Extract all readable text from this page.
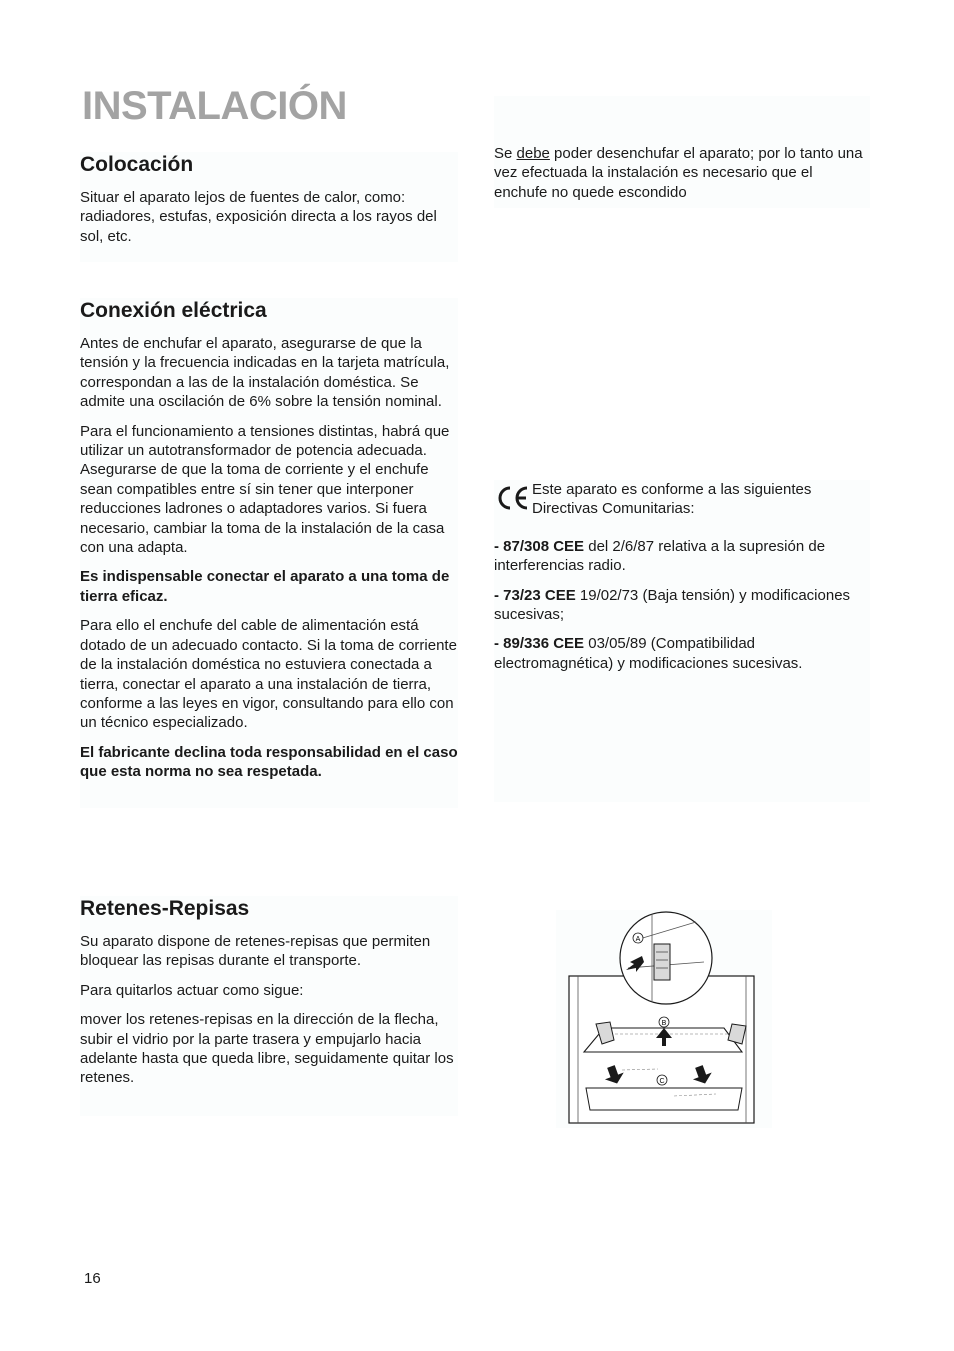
INSTALACIÓN
Colocación

Situar el aparato lejos de fuentes de calor, como: radiadores, estufas, exposición directa a los rayos del sol, etc.

Conexión eléctrica

Antes de enchufar el aparato, asegurarse de que la tensión y la frecuencia indicadas en la tarjeta matrícula, correspondan a las de la instalación doméstica. Se admite una oscilación de 6% sobre la tensión nominal.

Para el funcionamiento a tensiones distintas, habrá que utilizar un autotransformador de potencia adecuada. Asegurarse de que la toma de corriente y el enchufe sean compatibles entre sí sin tener que interponer reducciones ladrones o adaptadores varios. Si fuera necesario, cambiar la toma de la instalación de la casa con una adapta.

Es indispensable conectar el aparato a una toma de tierra eficaz.

Para ello el enchufe del cable de alimentación está dotado de un adecuado contacto. Si la toma de corriente de la instalación doméstica no estuviera conectada a tierra, conectar el aparato a una instalación de tierra, conforme a las leyes en vigor, consultando para ello con un técnico especializado.

El fabricante declina toda responsabilidad en el caso que esta norma no sea respetada.

Se debe poder desenchufar el aparato; por lo tanto una vez efectuada la instalación es necesario que el enchufe no quede escondido

Este aparato es conforme a las siguientes Directivas Comunitarias:

- 87/308 CEE del 2/6/87 relativa a la supresión de interferencias radio.

- 73/23 CEE 19/02/73 (Baja tensión) y modificaciones sucesivas;

- 89/336 CEE 03/05/89 (Compatibilidad electromagnética) y modificaciones sucesivas.

Retenes-Repisas

Su aparato dispone de retenes-repisas que permiten bloquear las repisas durante el transporte.

Para quitarlos actuar como sigue:

mover los retenes-repisas en la dirección de la flecha, subir el vidrio por la parte trasera y empujarlo hacia adelante hasta que queda libre, seguidamente quitar los retenes.

A
B
C
16
